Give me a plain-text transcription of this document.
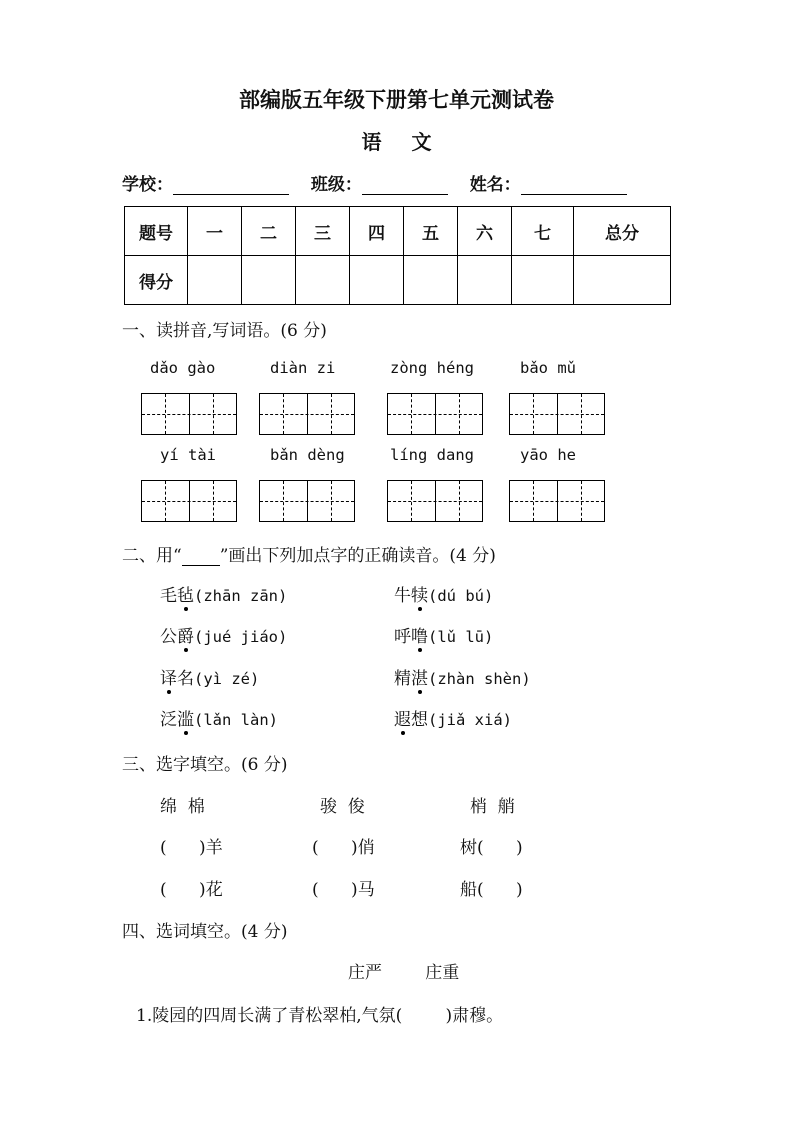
部编版五年级下册第七单元测试卷
语文
学校：	班级：	姓名：
题号	一	二	三	四	五	六	七	总分
得分								
一、读拼音,写词语。(6 分)
dǎo gào	diàn zi	zòng héng	bǎo mǔ
yí tài	bǎn dèng	líng dang	yāo he
二、用“ ”画出下列加点字的正确读音。(4 分)
毛毡(zhān zān)	牛犊(dú bú)
公爵(jué jiáo)	呼噜(lǔ lū)
译名(yì zé)	精湛(zhàn shèn)
泛滥(lǎn làn)	遐想(jiǎ xiá)
三、选字填空。(6 分)
绵  棉	骏  俊	梢  艄
(      )羊	(      )俏	树(      )
(      )花	(      )马	船(      )
四、选词填空。(4 分)
庄严        庄重
1.陵园的四周长满了青松翠柏,气氛(        )肃穆。
